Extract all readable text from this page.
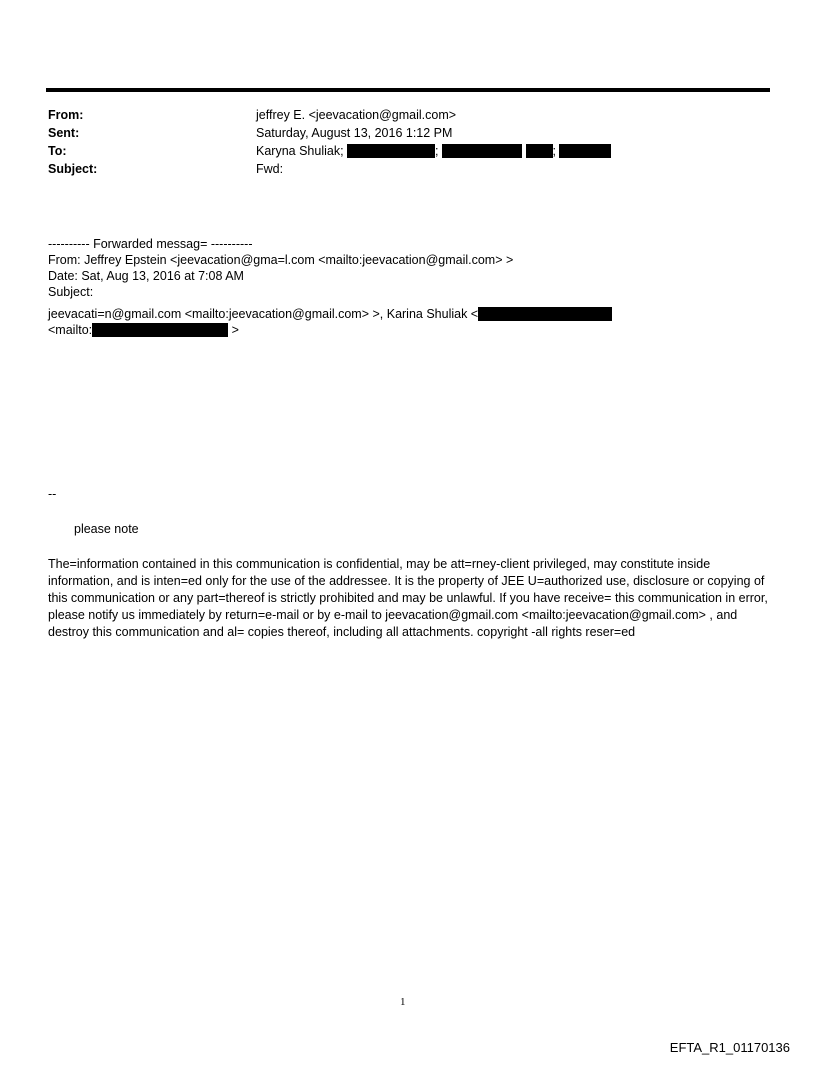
From:	jeffrey E. <jeevacation@gmail.com>
Sent:	Saturday, August 13, 2016 1:12 PM
To:	Karyna Shuliak;	;	;
Subject:	Fwd:
---------- Forwarded messag= ----------
From: Jeffrey Epstein <jeevacation@gma=l.com <mailto:jeevacation@gmail.com> >
Date: Sat, Aug 13, 2016 at 7:08 AM
Subject:
jeevacati=n@gmail.com <mailto:jeevacation@gmail.com> >, Karina Shuliak <
<mailto:	>
--
please note
The=information contained in this communication is confidential, may be att=rney-client privileged, may constitute inside information, and is inten=ed only for the use of the addressee. It is the property of JEE U=authorized use, disclosure or copying of this communication or any part=thereof is strictly prohibited and may be unlawful. If you have receive= this communication in error, please notify us immediately by return=e-mail or by e-mail to jeevacation@gmail.com <mailto:jeevacation@gmail.com> , and destroy this communication and al= copies thereof, including all attachments. copyright -all rights reser=ed
1
EFTA_R1_01170136
